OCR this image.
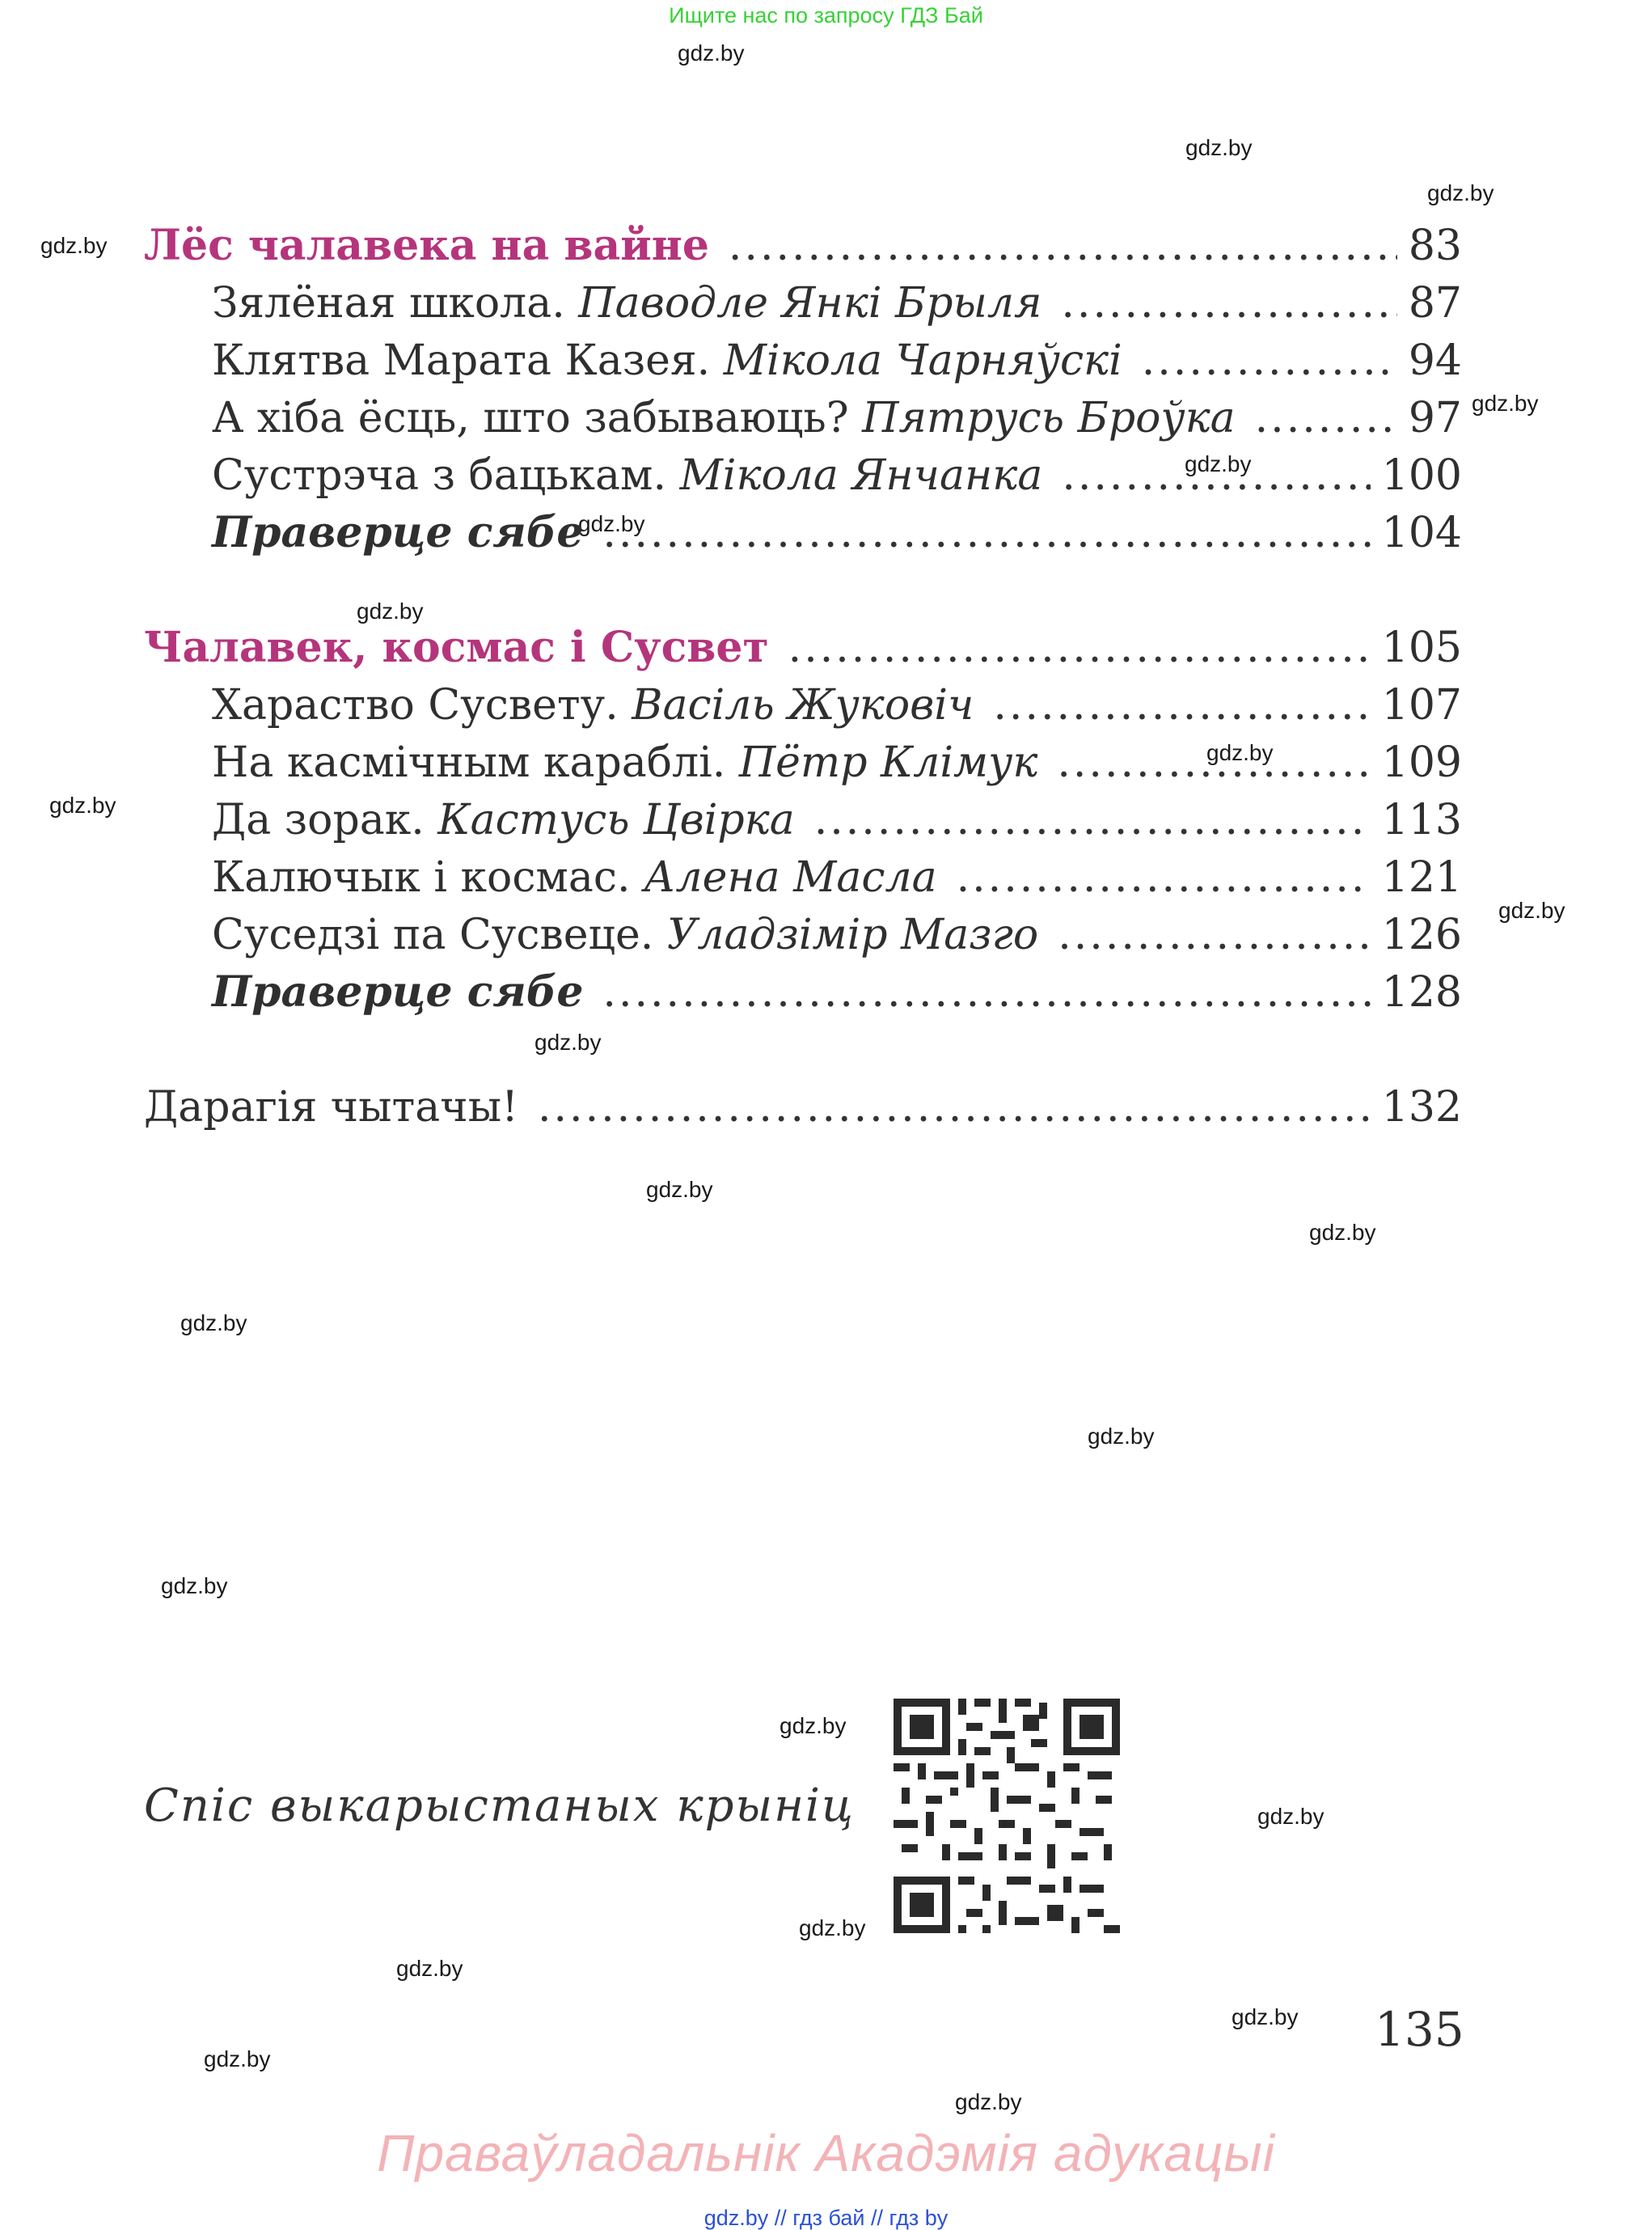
Ищите нас по запросу ГДЗ Бай
gdz.by
gdz.by
gdz.by
gdz.by
gdz.by
gdz.by
gdz.by
gdz.by
gdz.by
gdz.by
gdz.by
gdz.by
gdz.by
gdz.by
gdz.by
gdz.by
gdz.by
gdz.by
gdz.by
gdz.by
gdz.by
gdz.by
gdz.by
gdz.by
Лёс чалавека на вайне .....	83
Зялёная школа. Паводле Янкі Брыля .....	87
Клятва Марата Казея. Мікола Чарняўскі .....	94
А хіба ёсць, што забываюць? Пятрусь Броўка .....	97
Сустрэча з бацькам. Мікола Янчанка .....	100
Праверце сябе .....	104
Чалавек, космас і Сусвет .....	105
Хараство Сусвету. Васіль Жуковіч .....	107
На касмічным караблі. Пётр Клімук .....	109
Да зорак. Кастусь Цвірка .....	113
Калючык і космас. Алена Масла .....	121
Суседзі па Сусвеце. Уладзімір Мазго .....	126
Праверце сябе .....	128
Дарагія чытачы! .....	132
Спіс выкарыстаных крыніц
135
Праваўладальнік Акадэмія адукацыі
gdz.by // гдз бай // гдз by
